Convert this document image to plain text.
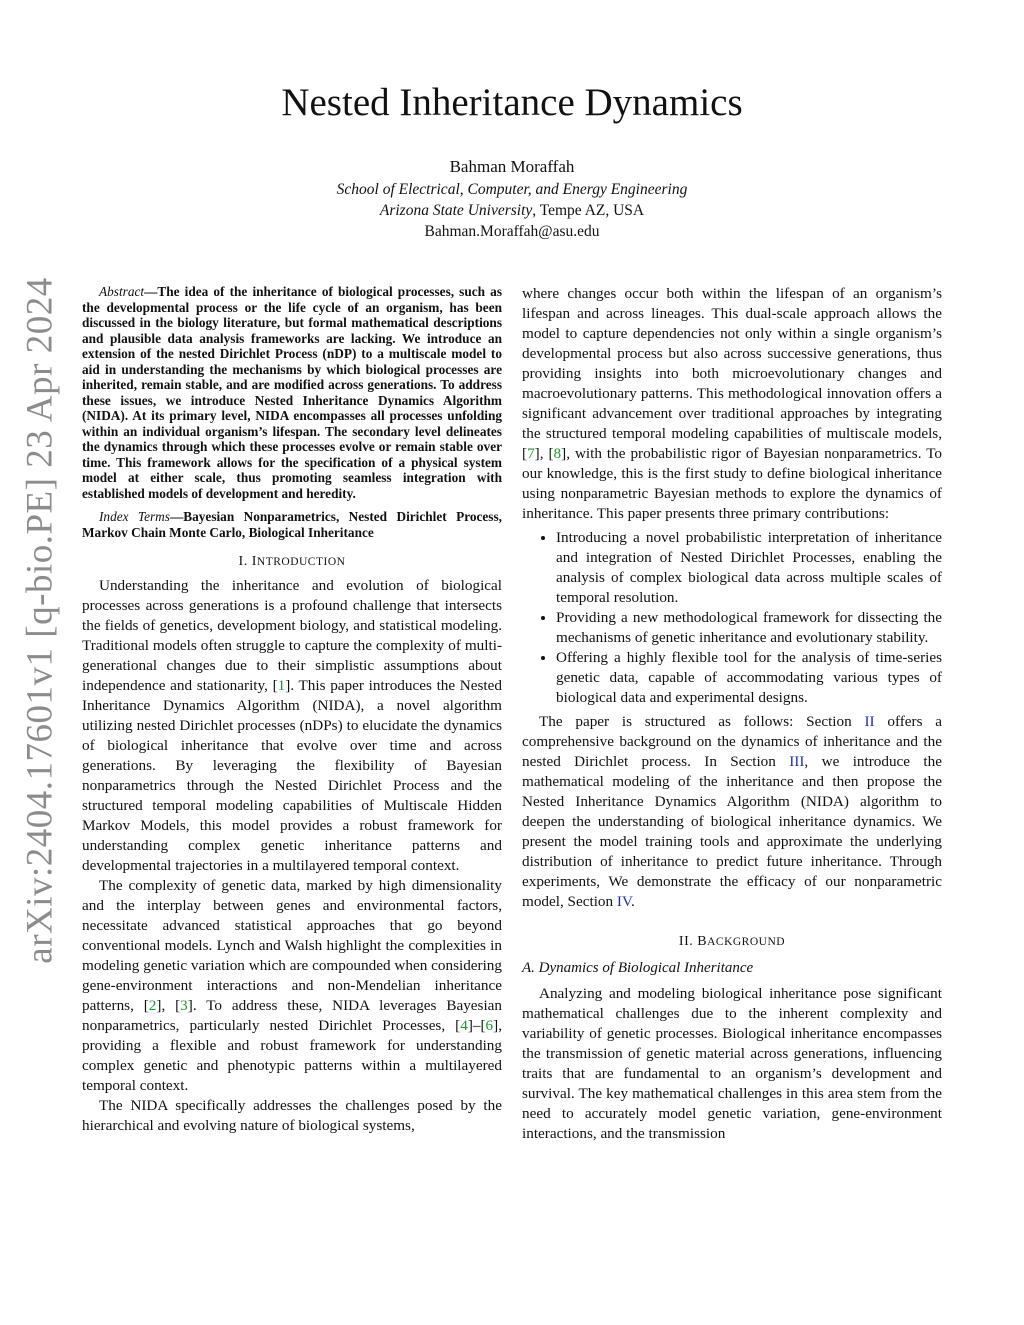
arXiv:2404.17601v1 [q-bio.PE] 23 Apr 2024
Nested Inheritance Dynamics
Bahman Moraffah
School of Electrical, Computer, and Energy Engineering
Arizona State University, Tempe AZ, USA
Bahman.Moraffah@asu.edu

Abstract—The idea of the inheritance of biological processes, such as the developmental process or the life cycle of an organism, has been discussed in the biology literature, but formal mathematical descriptions and plausible data analysis frameworks are lacking. We introduce an extension of the nested Dirichlet Process (nDP) to a multiscale model to aid in understanding the mechanisms by which biological processes are inherited, remain stable, and are modified across generations. To address these issues, we introduce Nested Inheritance Dynamics Algorithm (NIDA). At its primary level, NIDA encompasses all processes unfolding within an individual organism’s lifespan. The secondary level delineates the dynamics through which these processes evolve or remain stable over time. This framework allows for the specification of a physical system model at either scale, thus promoting seamless integration with established models of development and heredity.

Index Terms—Bayesian Nonparametrics, Nested Dirichlet Process, Markov Chain Monte Carlo, Biological Inheritance

I. INTRODUCTION

Understanding the inheritance and evolution of biological processes across generations is a profound challenge that intersects the fields of genetics, development biology, and statistical modeling. Traditional models often struggle to capture the complexity of multi-generational changes due to their simplistic assumptions about independence and stationarity, [1]. This paper introduces the Nested Inheritance Dynamics Algorithm (NIDA), a novel algorithm utilizing nested Dirichlet processes (nDPs) to elucidate the dynamics of biological inheritance that evolve over time and across generations. By leveraging the flexibility of Bayesian nonparametrics through the Nested Dirichlet Process and the structured temporal modeling capabilities of Multiscale Hidden Markov Models, this model provides a robust framework for understanding complex genetic inheritance patterns and developmental trajectories in a multilayered temporal context.

The complexity of genetic data, marked by high dimensionality and the interplay between genes and environmental factors, necessitate advanced statistical approaches that go beyond conventional models. Lynch and Walsh highlight the complexities in modeling genetic variation which are compounded when considering gene-environment interactions and non-Mendelian inheritance patterns, [2], [3]. To address these, NIDA leverages Bayesian nonparametrics, particularly nested Dirichlet Processes, [4]–[6], providing a flexible and robust framework for understanding complex genetic and phenotypic patterns within a multilayered temporal context.

The NIDA specifically addresses the challenges posed by the hierarchical and evolving nature of biological systems,

where changes occur both within the lifespan of an organism’s lifespan and across lineages. This dual-scale approach allows the model to capture dependencies not only within a single organism’s developmental process but also across successive generations, thus providing insights into both microevolutionary changes and macroevolutionary patterns. This methodological innovation offers a significant advancement over traditional approaches by integrating the structured temporal modeling capabilities of multiscale models, [7], [8], with the probabilistic rigor of Bayesian nonparametrics. To our knowledge, this is the first study to define biological inheritance using nonparametric Bayesian methods to explore the dynamics of inheritance. This paper presents three primary contributions:

• Introducing a novel probabilistic interpretation of inheritance and integration of Nested Dirichlet Processes, enabling the analysis of complex biological data across multiple scales of temporal resolution.
• Providing a new methodological framework for dissecting the mechanisms of genetic inheritance and evolutionary stability.
• Offering a highly flexible tool for the analysis of time-series genetic data, capable of accommodating various types of biological data and experimental designs.

The paper is structured as follows: Section II offers a comprehensive background on the dynamics of inheritance and the nested Dirichlet process. In Section III, we introduce the mathematical modeling of the inheritance and then propose the Nested Inheritance Dynamics Algorithm (NIDA) algorithm to deepen the understanding of biological inheritance dynamics. We present the model training tools and approximate the underlying distribution of inheritance to predict future inheritance. Through experiments, We demonstrate the efficacy of our nonparametric model, Section IV.

II. BACKGROUND
A. Dynamics of Biological Inheritance

Analyzing and modeling biological inheritance pose significant mathematical challenges due to the inherent complexity and variability of genetic processes. Biological inheritance encompasses the transmission of genetic material across generations, influencing traits that are fundamental to an organism’s development and survival. The key mathematical challenges in this area stem from the need to accurately model genetic variation, gene-environment interactions, and the transmission
